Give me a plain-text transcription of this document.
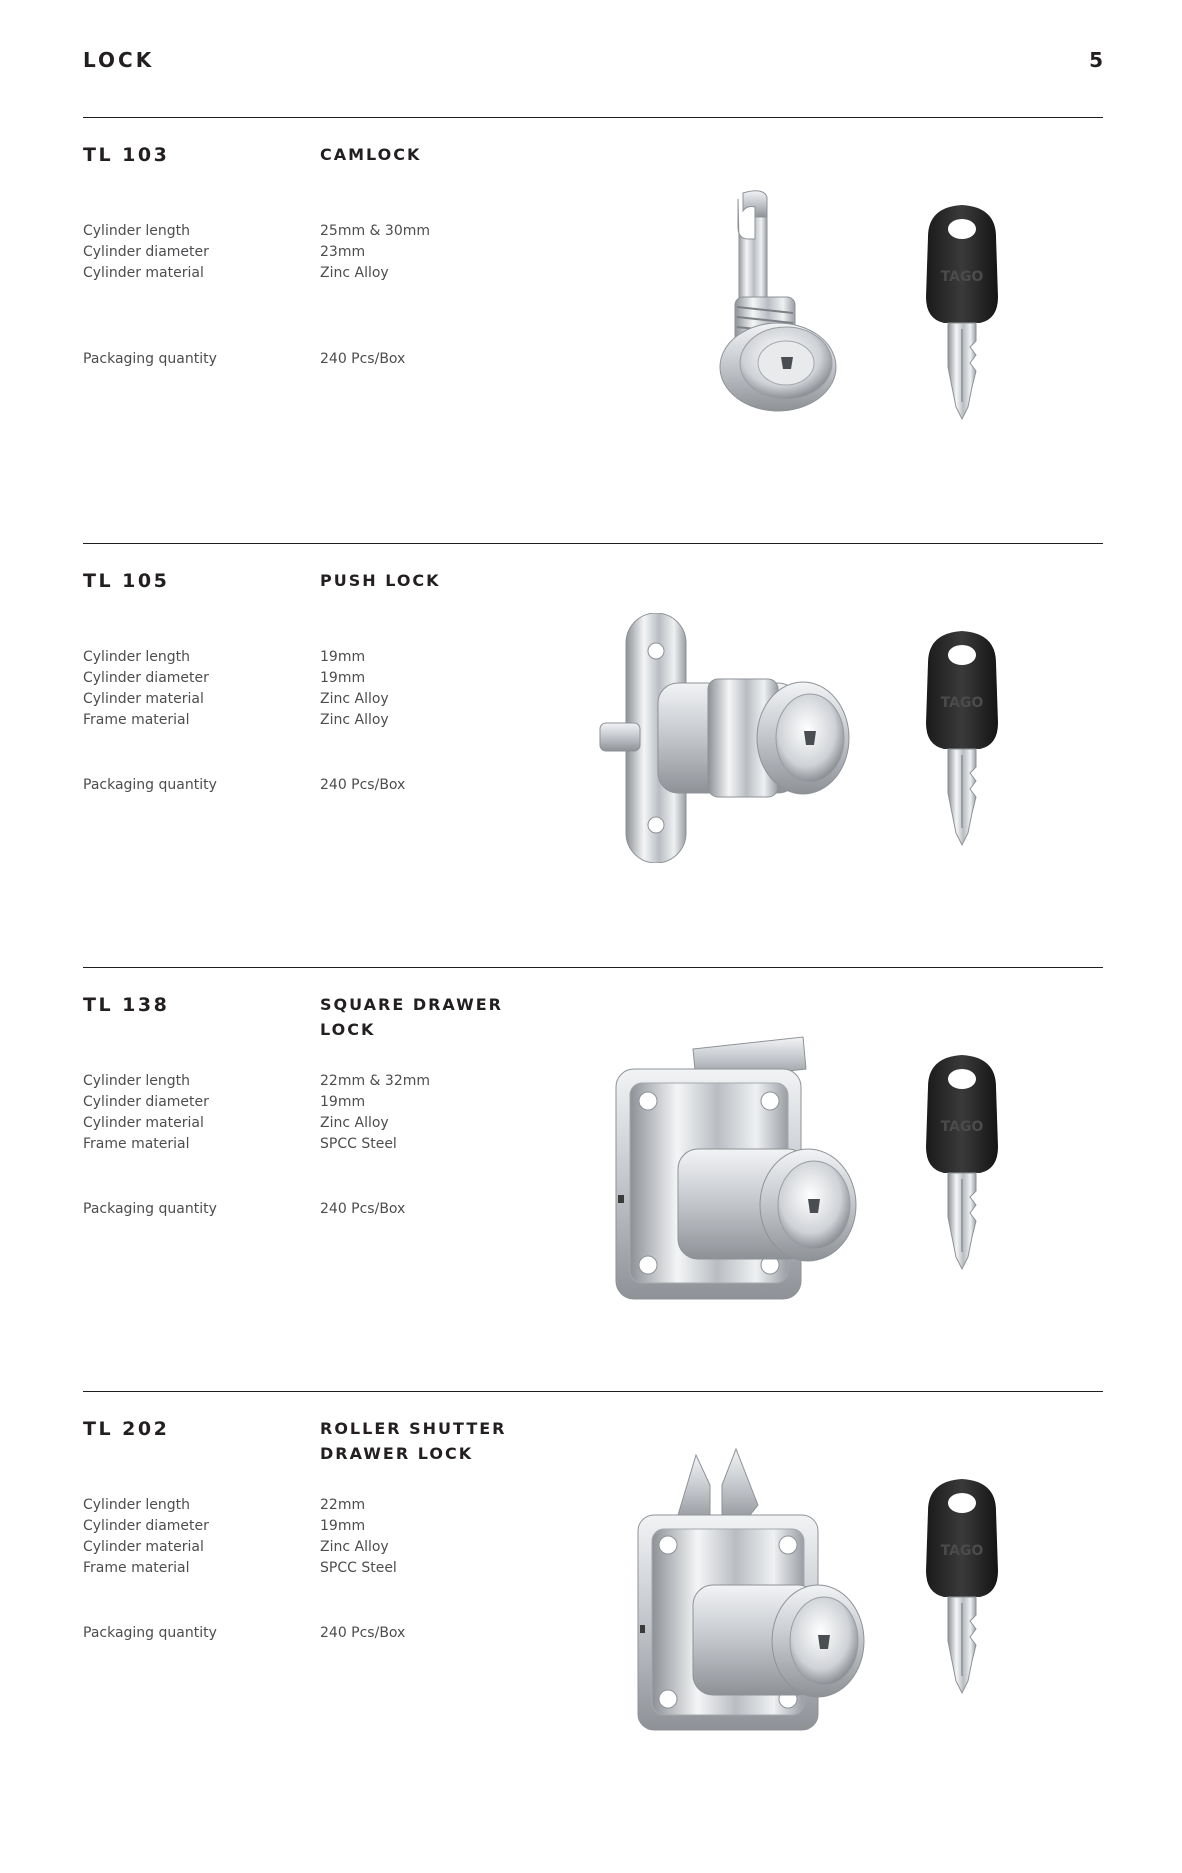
LOCK	5
TL 103	CAMLOCK
Cylinder length	25mm & 30mm
Cylinder diameter	23mm
Cylinder material	Zinc Alloy
Packaging quantity	240 Pcs/Box
TAGO
TL 105	PUSH LOCK
Cylinder length	19mm
Cylinder diameter	19mm
Cylinder material	Zinc Alloy
Frame material	Zinc Alloy
Packaging quantity	240 Pcs/Box
TAGO
TL 138	SQUARE DRAWER
LOCK
Cylinder length	22mm & 32mm
Cylinder diameter	19mm
Cylinder material	Zinc Alloy
Frame material	SPCC Steel
Packaging quantity	240 Pcs/Box
TAGO
TL 202	ROLLER SHUTTER
DRAWER LOCK
Cylinder length	22mm
Cylinder diameter	19mm
Cylinder material	Zinc Alloy
Frame material	SPCC Steel
Packaging quantity	240 Pcs/Box
TAGO
